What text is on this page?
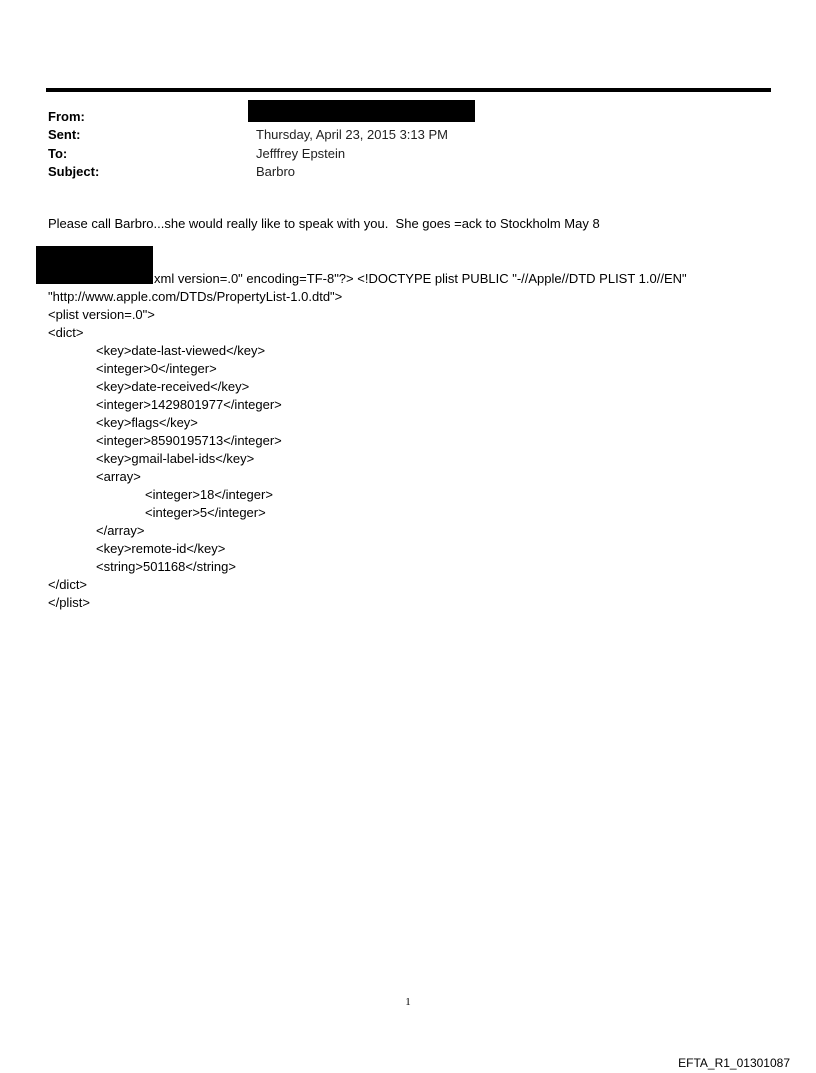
From:
Sent:	Thursday, April 23, 2015 3:13 PM
To:	Jefffrey Epstein
Subject:	Barbro
Please call Barbro...she would really like to speak with you.  She goes =ack to Stockholm May 8
xml version=.0" encoding=TF-8"?> <!DOCTYPE plist PUBLIC "-//Apple//DTD PLIST 1.0//EN"
"http://www.apple.com/DTDs/PropertyList-1.0.dtd">
<plist version=.0">
<dict>
<key>date-last-viewed</key>
<integer>0</integer>
<key>date-received</key>
<integer>1429801977</integer>
<key>flags</key>
<integer>8590195713</integer>
<key>gmail-label-ids</key>
<array>
<integer>18</integer>
<integer>5</integer>
</array>
<key>remote-id</key>
<string>501168</string>
</dict>
</plist>
1
EFTA_R1_01301087
